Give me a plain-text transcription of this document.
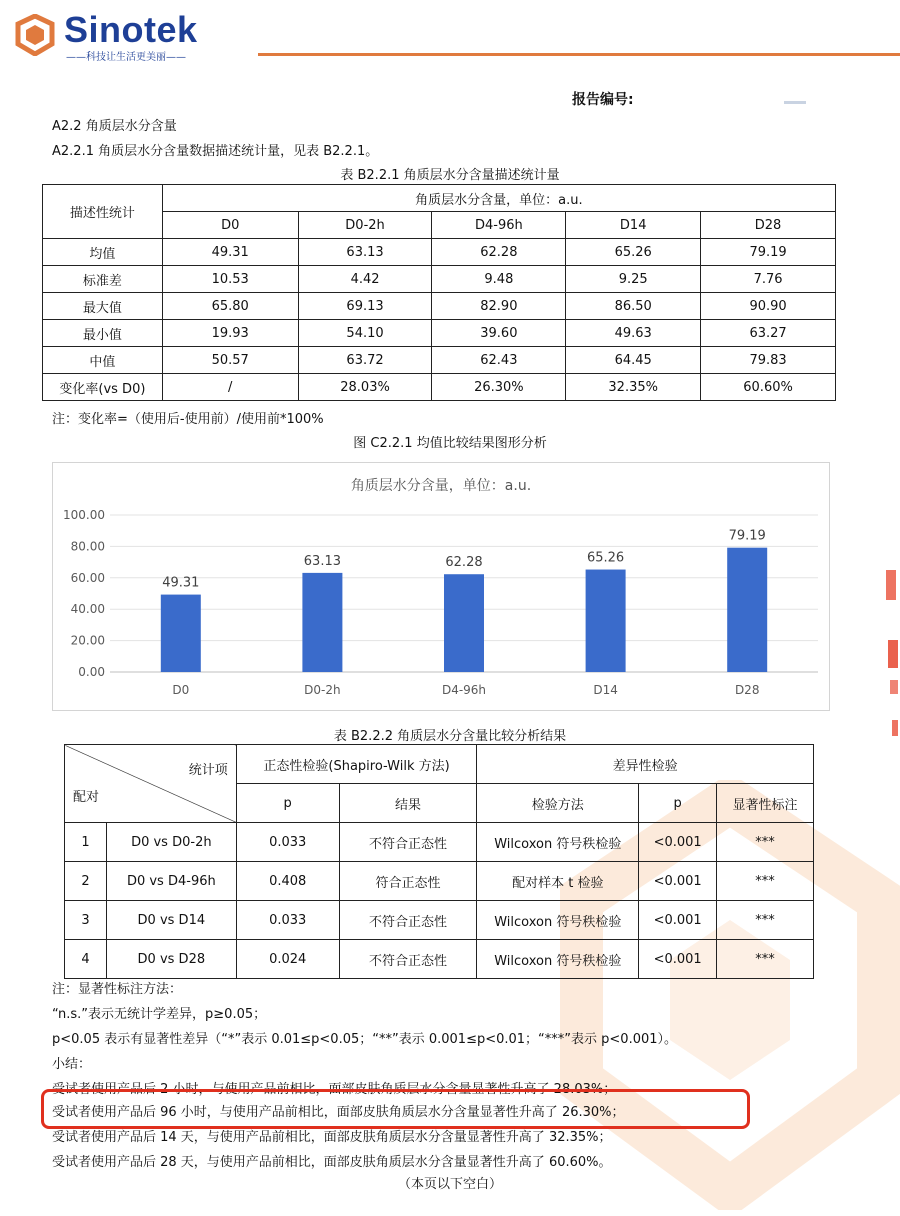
Sinotek
——科技让生活更美丽——
报告编号:
A2.2 角质层水分含量
A2.2.1 角质层水分含量数据描述统计量，见表 B2.2.1。
表 B2.2.1 角质层水分含量描述统计量
描述性统计	角质层水分含量，单位：a.u.				
	D0	D0-2h	D4-96h	D14	D28
均值	49.31	63.13	62.28	65.26	79.19
标准差	10.53	4.42	9.48	9.25	7.76
最大值	65.80	69.13	82.90	86.50	90.90
最小值	19.93	54.10	39.60	49.63	63.27
中值	50.57	63.72	62.43	64.45	79.83
变化率(vs D0)	/	28.03%	26.30%	32.35%	60.60%
注：变化率=（使用后-使用前）/使用前*100%
图 C2.2.1 均值比较结果图形分析
角质层水分含量，单位：a.u.
0.00
20.00
40.00
60.00
80.00
100.00
49.31
D0
63.13
D0-2h
62.28
D4-96h
65.26
D14
79.19
D28
表 B2.2.2 角质层水分含量比较分析结果
统计项
配对		正态性检验(Shapiro-Wilk 方法)		差异性检验		
		p	结果	检验方法	p	显著性标注
1	D0 vs D0-2h	0.033	不符合正态性	Wilcoxon 符号秩检验	<0.001	***
2	D0 vs D4-96h	0.408	符合正态性	配对样本 t 检验	<0.001	***
3	D0 vs D14	0.033	不符合正态性	Wilcoxon 符号秩检验	<0.001	***
4	D0 vs D28	0.024	不符合正态性	Wilcoxon 符号秩检验	<0.001	***
注：显著性标注方法：
“n.s.”表示无统计学差异，p≥0.05；
p<0.05 表示有显著性差异（“*”表示 0.01≤p<0.05；“**”表示 0.001≤p<0.01；“***”表示 p<0.001）。
小结：
受试者使用产品后 2 小时，与使用产品前相比，面部皮肤角质层水分含量显著性升高了 28.03%；
受试者使用产品后 96 小时，与使用产品前相比，面部皮肤角质层水分含量显著性升高了 26.30%；
受试者使用产品后 14 天，与使用产品前相比，面部皮肤角质层水分含量显著性升高了 32.35%；
受试者使用产品后 28 天，与使用产品前相比，面部皮肤角质层水分含量显著性升高了 60.60%。
（本页以下空白）
